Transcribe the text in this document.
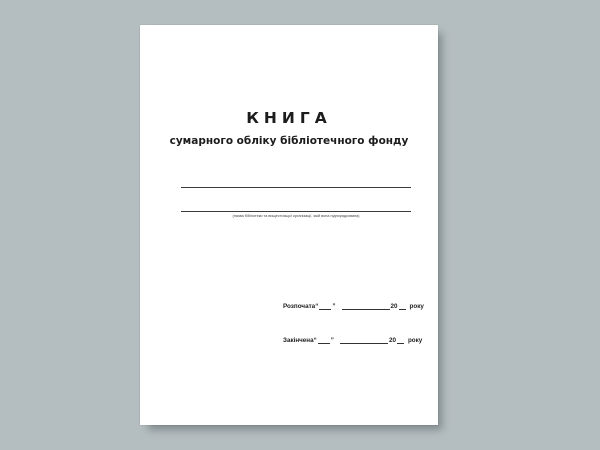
КНИГА
сумарного обліку бібліотечного фонду
(назва бібліотеки та вищестоящої організації, якій вона підпорядкована)
Розпочата “ ”	20 року
Закінчена “ ”	20 року
